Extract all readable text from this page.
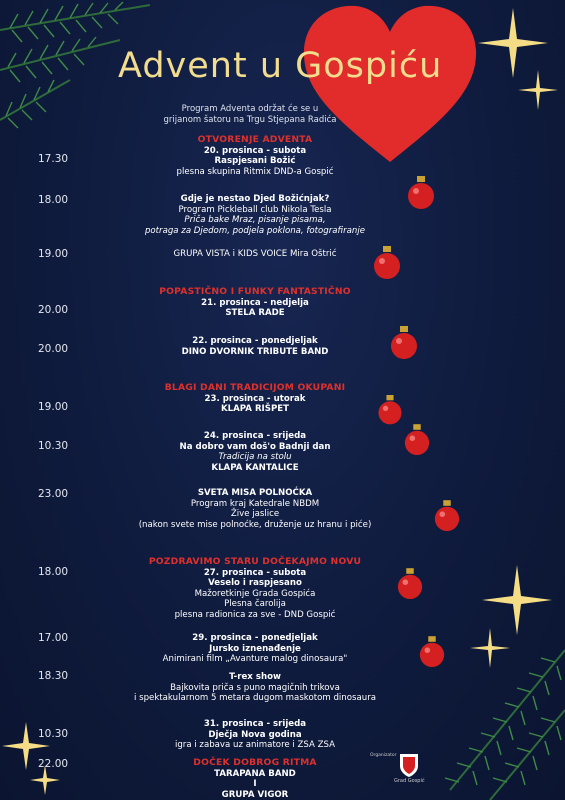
Advent u Gospiću
Program Adventa održat će se u
grijanom šatoru na Trgu Stjepana Radića
17.30
18.00
19.00
20.00
20.00
19.00
10.30
23.00
18.00
17.00
18.30
10.30
22.00
OTVORENJE ADVENTA
20. prosinca - subota
Raspjesani Božić
plesna skupina Ritmix DND-a Gospić
Gdje je nestao Djed Božićnjak?
Program Pickleball club Nikola Tesla
Priča bake Mraz, pisanje pisama,
potraga za Djedom, podjela poklona, fotografiranje
GRUPA VISTA i KIDS VOICE Mira Oštrić
POPASTIČNO I FUNKY FANTASTIČNO
21. prosinca - nedjelja
STELA RADE
22. prosinca - ponedjeljak
DINO DVORNIK TRIBUTE BAND
BLAGI DANI TRADICIJOM OKUPANI
23. prosinca - utorak
KLAPA RIŠPET
24. prosinca - srijeda
Na dobro vam doš'o Badnji dan
Tradicija na stolu
KLAPA KANTALICE
SVETA MISA POLNOĆKA
Program kraj Katedrale NBDM
Žive jaslice
(nakon svete mise polnoćke, druženje uz hranu i piće)
POZDRAVIMO STARU DOČEKAJMO NOVU
27. prosinca - subota
Veselo i raspjesano
Mažoretkinje Grada Gospića
Plesna čarolija
plesna radionica za sve - DND Gospić
29. prosinca - ponedjeljak
Jursko iznenađenje
Animirani film „Avanture malog dinosaura"
T-rex show
Bajkovita priča s puno magičnih trikova
i spektakularnom 5 metara dugom maskotom dinosaura
31. prosinca - srijeda
Dječja Nova godina
igra i zabava uz animatore i ZSA ZSA
DOČEK DOBROG RITMA
TARAPANA BAND
I
GRUPA VIGOR
Organizator
Grad Gospić
